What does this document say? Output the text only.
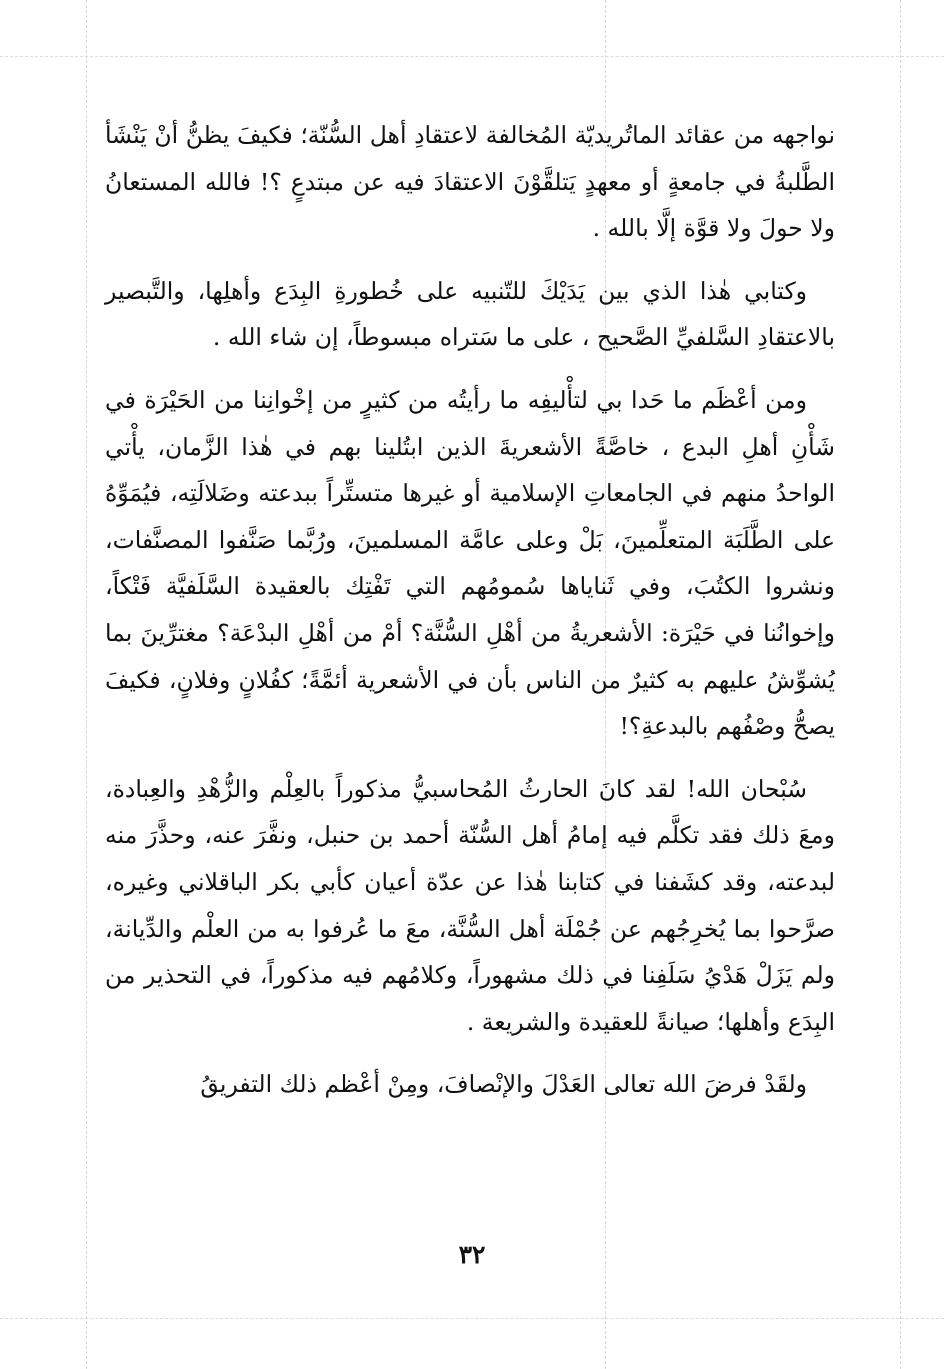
نواجهه من عقائد الماتُريديّة المُخالفة لاعتقادِ أهل السُّنّة؛ فكيفَ يظنُّ أنْ يَنْشَأ الطَّلبةُ في جامعةٍ أو معهدٍ يَتلقَّوْنَ الاعتقادَ فيه عن مبتدعٍ ؟! فالله المستعانُ ولا حولَ ولا قوَّة إلَّا بالله .

وكتابي هٰذا الذي بين يَدَيْكَ للتّنبيه على خُطورةِ البِدَع وأهلِها، والتَّبصير بالاعتقادِ السَّلفيِّ الصَّحيح ، على ما سَتراه مبسوطاً، إن شاء الله .

ومن أعْظَم ما حَدا بي لتأْليفِه ما رأيتُه من كثيرٍ من إخْوانِنا من الحَيْرَة في شَأْنِ أهلِ البدع ، خاصَّةً الأشعريةَ الذين ابتُلينا بهم في هٰذا الزَّمان، يأْتي الواحدُ منهم في الجامعاتِ الإسلامية أو غيرها متستِّراً ببدعته وضَلالَتِه، فيُمَوِّهُ على الطَّلَبَة المتعلِّمينَ، بَلْ وعلى عامَّة المسلمينَ، ورُبَّما صَنَّفوا المصنَّفات، ونشروا الكتُبَ، وفي ثَناياها سُمومُهم التي تَفْتِك بالعقيدة السَّلَفيَّة فَتْكاً، وإخوانُنا في حَيْرَة: الأشعريةُ من أهْلِ السُّنَّة؟ أمْ من أهْلِ البدْعَة؟ مغترِّينَ بما يُشوِّشُ عليهم به كثيرٌ من الناس بأن في الأشعرية أئمَّةً؛ كفُلانٍ وفلانٍ، فكيفَ يصحُّ وصْفُهم بالبدعةِ؟!

سُبْحان الله! لقد كانَ الحارثُ المُحاسبيُّ مذكوراً بالعِلْم والزُّهْدِ والعِبادة، ومعَ ذلك فقد تكلَّم فيه إمامُ أهل السُّنّة أحمد بن حنبل، ونفَّرَ عنه، وحذَّرَ منه لبدعته، وقد كشَفنا في كتابنا هٰذا عن عدّة أعيان كأبي بكر الباقلاني وغيره، صرَّحوا بما يُخرِجُهم عن جُمْلَة أهل السُّنَّة، معَ ما عُرفوا به من العلْم والدِّيانة، ولم يَزَلْ هَدْيُ سَلَفِنا في ذلك مشهوراً، وكلامُهم فيه مذكوراً، في التحذير من البِدَع وأهلها؛ صيانةً للعقيدة والشريعة .

ولقَدْ فرضَ الله تعالى العَدْلَ والإنْصافَ، ومِنْ أعْظم ذلك التفريقُ

٣٢
